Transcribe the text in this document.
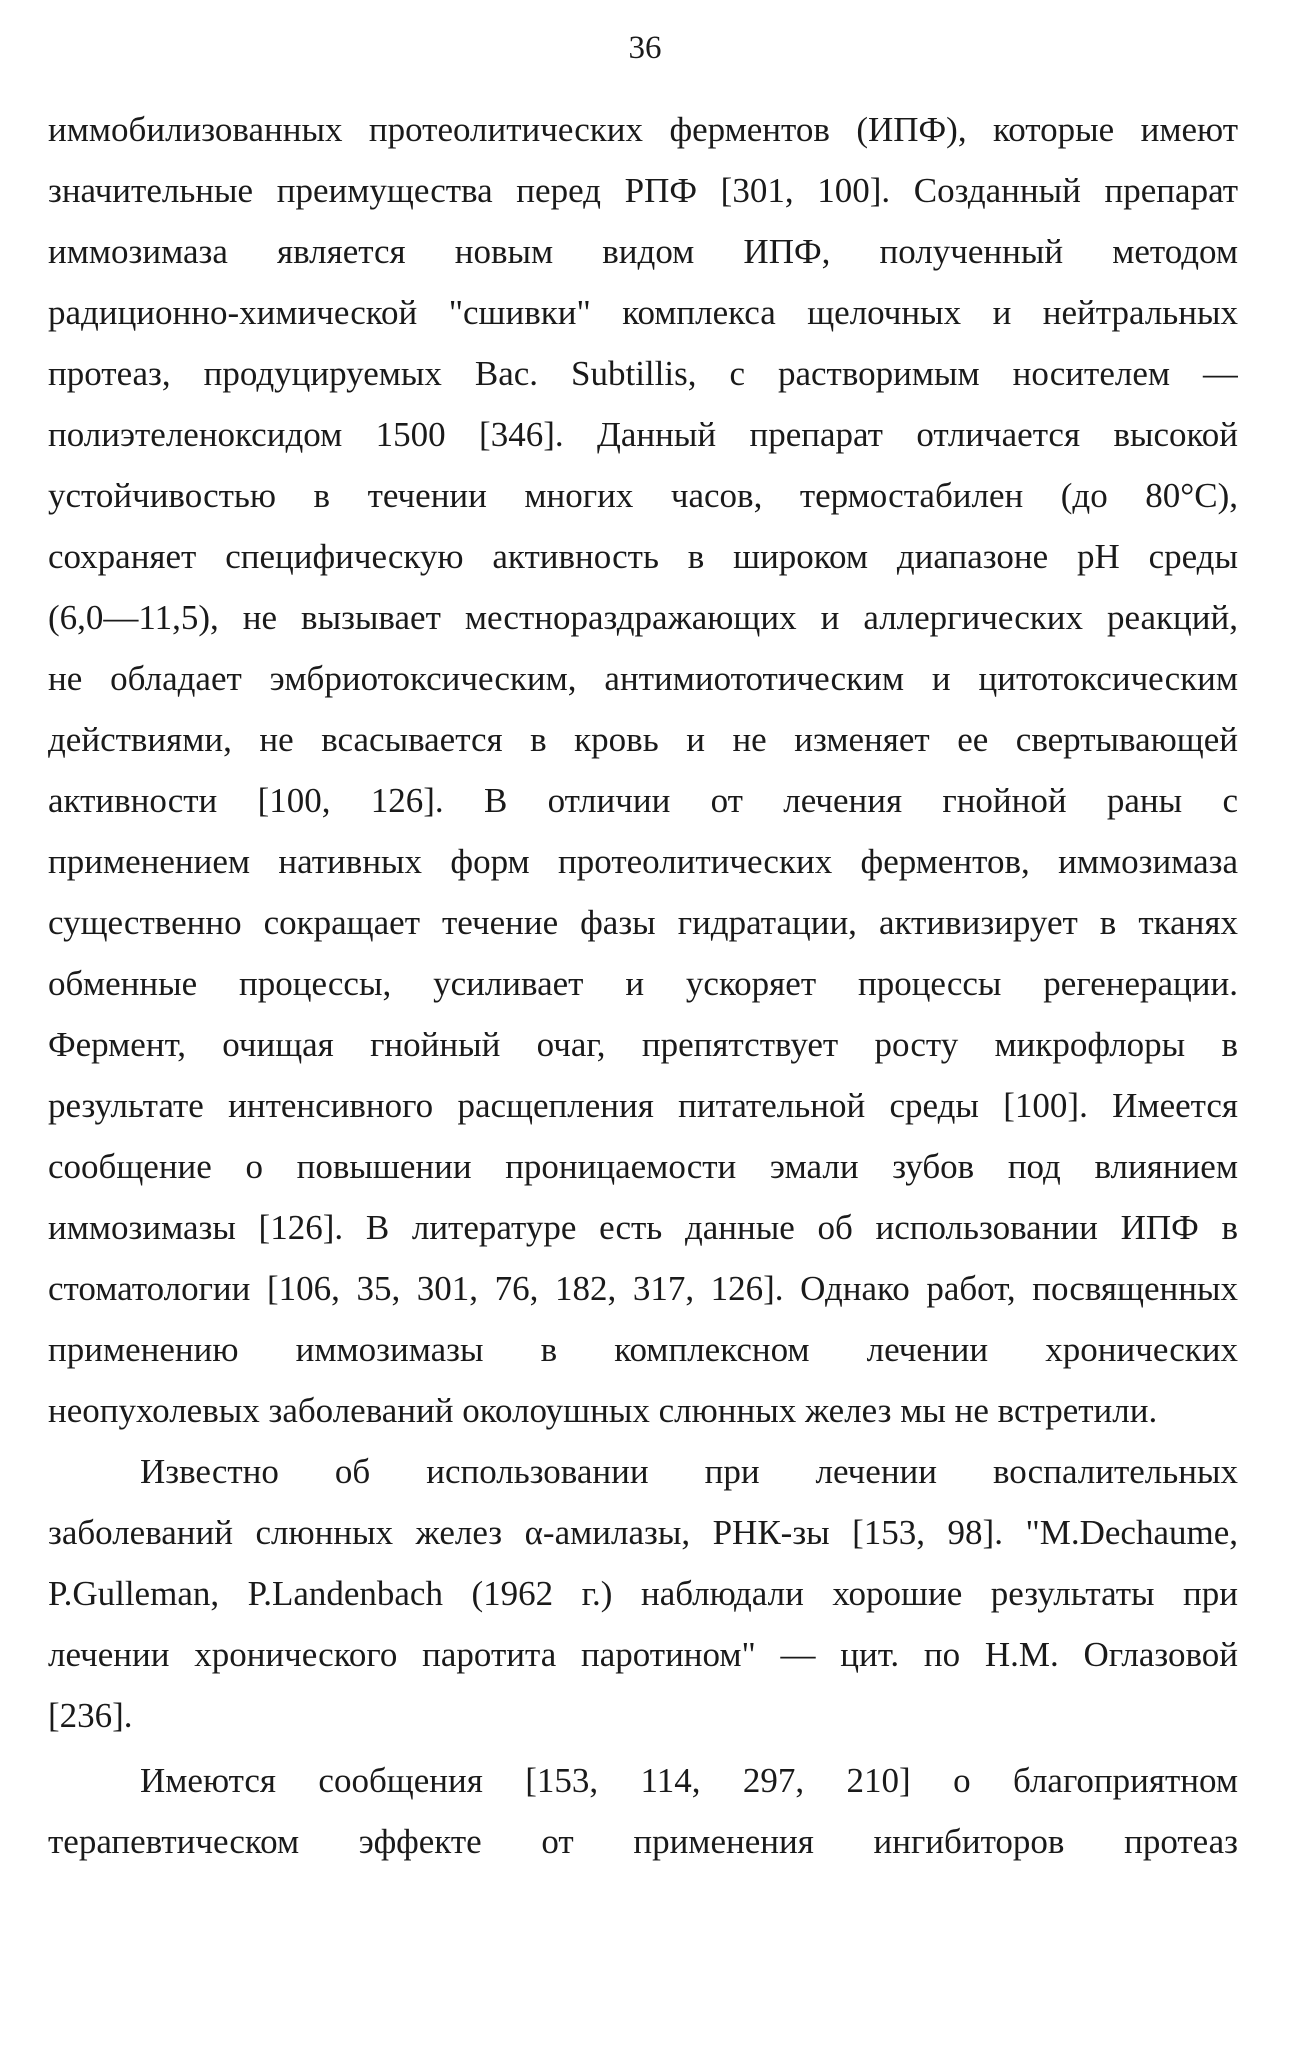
36
иммобилизованных протеолитических ферментов (ИПФ), которые имеют
значительные преимущества перед РПФ [301, 100]. Созданный препарат
иммозимаза является новым видом ИПФ, полученный методом
радиционно-химической "сшивки" комплекса щелочных и нейтральных
протеаз, продуцируемых Bac. Subtillis, с растворимым носителем —
полиэтеленоксидом 1500 [346]. Данный препарат отличается высокой
устойчивостью в течении многих часов, термостабилен (до 80°С),
сохраняет специфическую активность в широком диапазоне pH среды
(6,0—11,5), не вызывает местнораздражающих и аллергических реакций,
не обладает эмбриотоксическим, антимиототическим и цитотоксическим
действиями, не всасывается в кровь и не изменяет ее свертывающей
активности [100, 126]. В отличии от лечения гнойной раны с
применением нативных форм протеолитических ферментов, иммозимаза
существенно сокращает течение фазы гидратации, активизирует в тканях
обменные процессы, усиливает и ускоряет процессы регенерации.
Фермент, очищая гнойный очаг, препятствует росту микрофлоры в
результате интенсивного расщепления питательной среды [100]. Имеется
сообщение о повышении проницаемости эмали зубов под влиянием
иммозимазы [126]. В литературе есть данные об использовании ИПФ в
стоматологии [106, 35, 301, 76, 182, 317, 126]. Однако работ, посвященных
применению иммозимазы в комплексном лечении хронических
неопухолевых заболеваний околоушных слюнных желез мы не встретили.
Известно об использовании при лечении воспалительных
заболеваний слюнных желез α-амилазы, РНК-зы [153, 98]. "M.Dechaume,
P.Gulleman, P.Landenbach (1962 г.) наблюдали хорошие результаты при
лечении хронического паротита паротином" — цит. по Н.М. Оглазовой
[236].
Имеются сообщения [153, 114, 297, 210] о благоприятном
терапевтическом эффекте от применения ингибиторов протеаз
